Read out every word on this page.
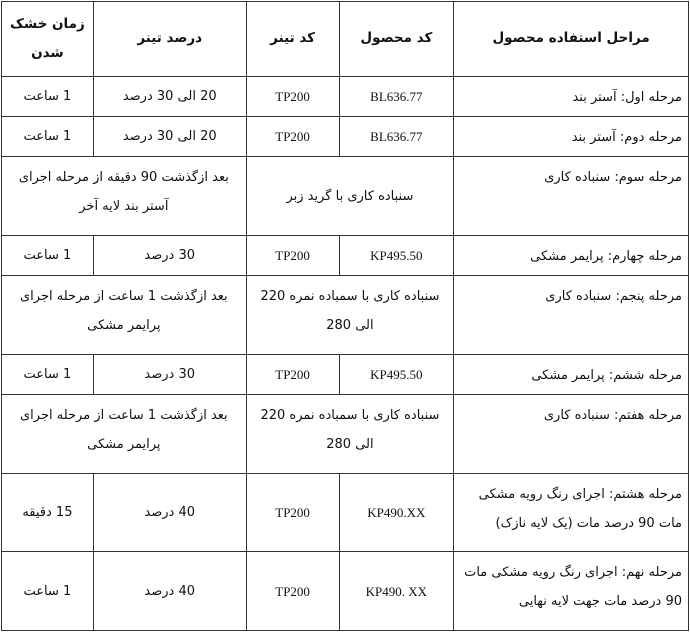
مراحل استفاده محصول	کد محصول	کد تینر	درصد تینر	زمان خشک شدن
مرحله اول: آستر بند	BL636.77	TP200	20 الی 30 درصد	1 ساعت
مرحله دوم: آستر بند	BL636.77	TP200	20 الی 30 درصد	1 ساعت
مرحله سوم: سنباده کاری	سنباده کاری با گرید زبر		بعد ازگذشت 90 دقیقه از مرحله اجرای آستر بند لایه آخر	
مرحله چهارم: پرایمر مشکی	KP495.50	TP200	30 درصد	1 ساعت
مرحله پنجم: سنباده کاری	سنباده کاری با سمباده نمره 220 الی 280		بعد ازگذشت 1 ساعت از مرحله اجرای پرایمر مشکی	
مرحله ششم: پرایمر مشکی	KP495.50	TP200	30 درصد	1 ساعت
مرحله هفتم: سنباده کاری	سنباده کاری با سمباده نمره 220 الی 280		بعد ازگذشت 1 ساعت از مرحله اجرای پرایمر مشکی	
مرحله هشتم: اجرای رنگ رویه مشکی مات 90 درصد مات (یک لایه نازک)	KP490.XX	TP200	40 درصد	15 دقیقه
مرحله نهم: اجرای رنگ رویه مشکی مات 90 درصد مات جهت لایه نهایی	KP490. XX	TP200	40 درصد	1 ساعت
